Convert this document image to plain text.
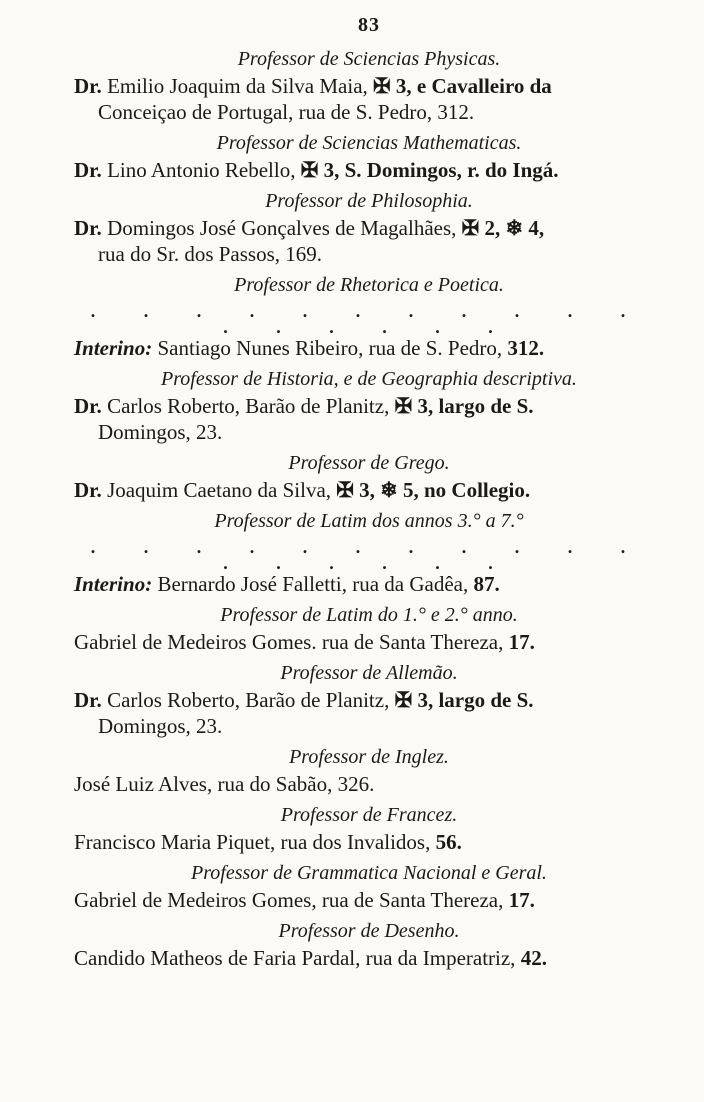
83
Professor de Sciencias Physicas.
Dr. Emilio Joaquim da Silva Maia, ✠ 3, e Cavalleiro da
Conceiçao de Portugal, rua de S. Pedro, 312.
Professor de Sciencias Mathematicas.
Dr. Lino Antonio Rebello, ✠ 3, S. Domingos, r. do Ingá.
Professor de Philosophia.
Dr. Domingos José Gonçalves de Magalhães, ✠ 2, ❄ 4,
rua do Sr. dos Passos, 169.
Professor de Rhetorica e Poetica.
. . . . . . . . . . . . . . . . .
Interino: Santiago Nunes Ribeiro, rua de S. Pedro, 312.
Professor de Historia, e de Geographia descriptiva.
Dr. Carlos Roberto, Barão de Planitz, ✠ 3, largo de S.
Domingos, 23.
Professor de Grego.
Dr. Joaquim Caetano da Silva, ✠ 3, ❄ 5, no Collegio.
Professor de Latim dos annos 3.° a 7.°
. . . . . . . . . . . . . . . . .
Interino: Bernardo José Falletti, rua da Gadêa, 87.
Professor de Latim do 1.° e 2.° anno.
Gabriel de Medeiros Gomes. rua de Santa Thereza, 17.
Professor de Allemão.
Dr. Carlos Roberto, Barão de Planitz, ✠ 3, largo de S.
Domingos, 23.
Professor de Inglez.
José Luiz Alves, rua do Sabão, 326.
Professor de Francez.
Francisco Maria Piquet, rua dos Invalidos, 56.
Professor de Grammatica Nacional e Geral.
Gabriel de Medeiros Gomes, rua de Santa Thereza, 17.
Professor de Desenho.
Candido Matheos de Faria Pardal, rua da Imperatriz, 42.
